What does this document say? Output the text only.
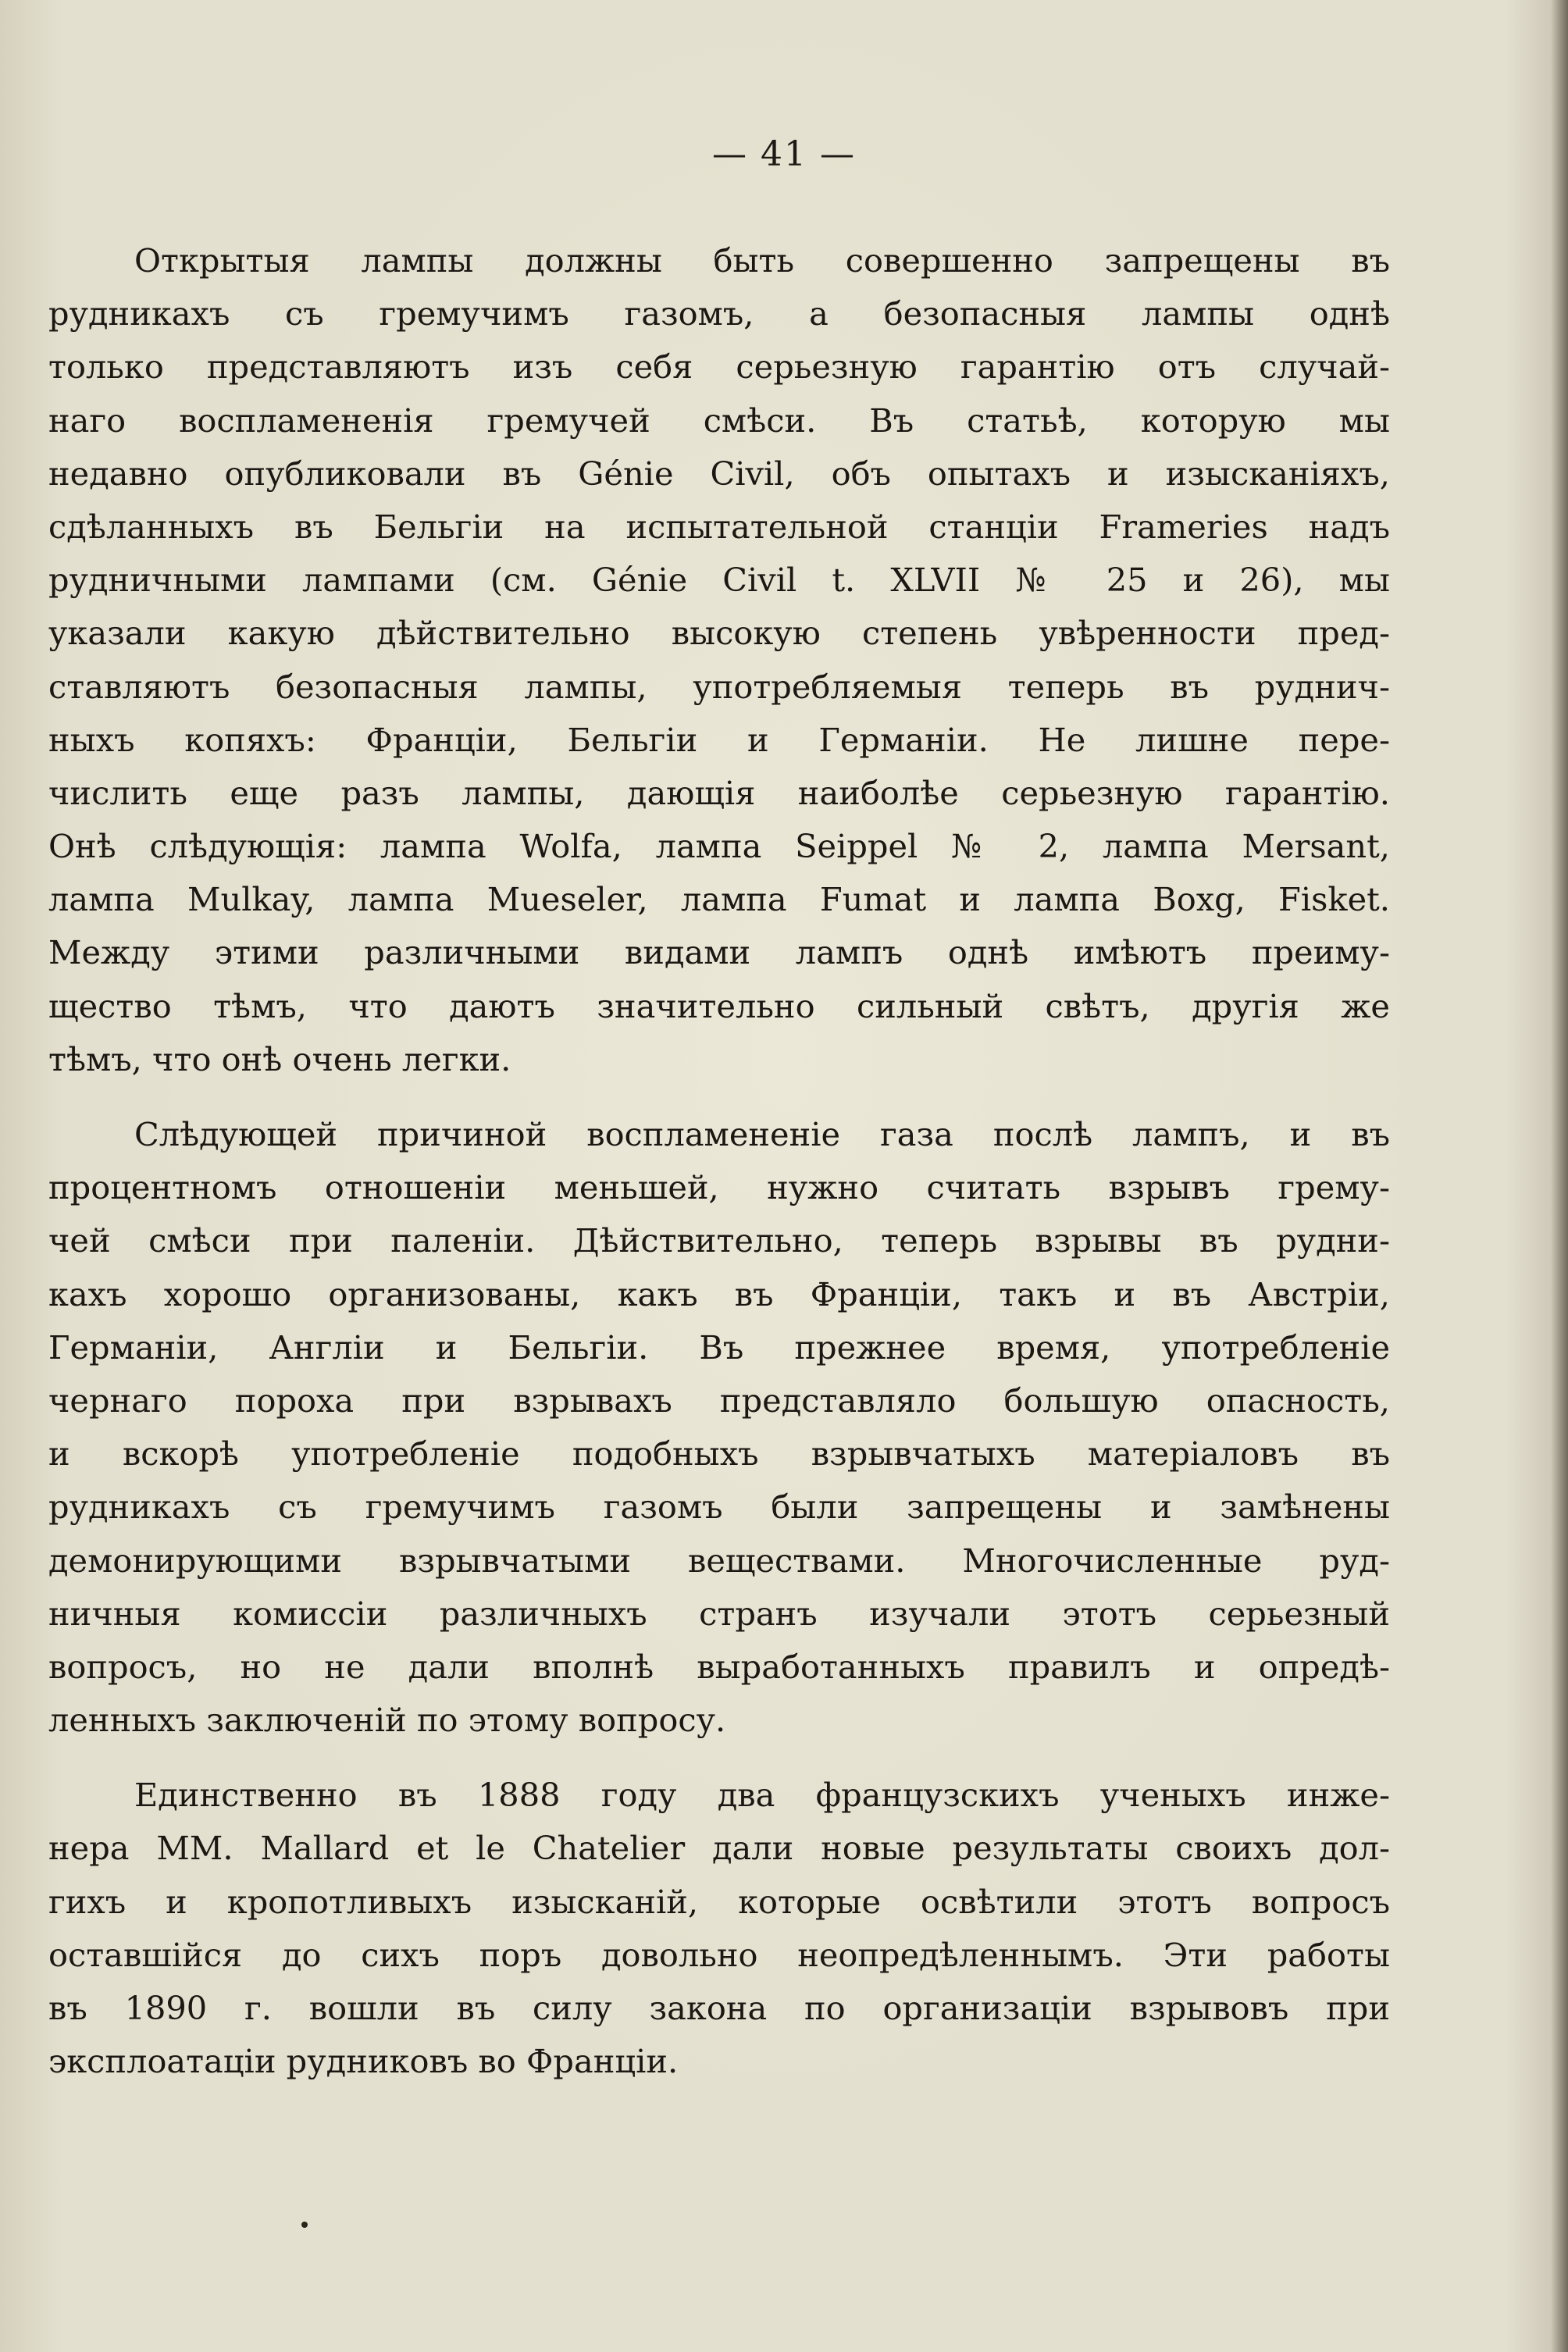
— 41 —
Открытыя лампы должны быть совершенно запрещены въ
рудникахъ съ гремучимъ газомъ, а безопасныя лампы однѣ
только представляютъ изъ себя серьезную гарантію отъ случай-
наго воспламененія гремучей смѣси. Въ статьѣ, которую мы
недавно опубликовали въ Génie Civil, объ опытахъ и изысканіяхъ,
сдѣланныхъ въ Бельгіи на испытательной станціи Frameries надъ
рудничными лампами (см. Génie Civil t. XLVII № 25 и 26), мы
указали какую дѣйствительно высокую степень увѣренности пред-
ставляютъ безопасныя лампы, употребляемыя теперь въ руднич-
ныхъ копяхъ: Франціи, Бельгіи и Германіи. Не лишне пере-
числить еще разъ лампы, дающія наиболѣе серьезную гарантію.
Онѣ слѣдующія: лампа Wolfa, лампа Seippel № 2, лампа Mersant,
лампа Mulkay, лампа Mueseler, лампа Fumat и лампа Boxg, Fisket.
Между этими различными видами лампъ однѣ имѣютъ преиму-
щество тѣмъ, что даютъ значительно сильный свѣтъ, другія же
тѣмъ, что онѣ очень легки.
Слѣдующей причиной воспламененіе газа послѣ лампъ, и въ
процентномъ отношеніи меньшей, нужно считать взрывъ грему-
чей смѣси при паленіи. Дѣйствительно, теперь взрывы въ рудни-
кахъ хорошо организованы, какъ въ Франціи, такъ и въ Австріи,
Германіи, Англіи и Бельгіи. Въ прежнее время, употребленіе
чернаго пороха при взрывахъ представляло большую опасность,
и вскорѣ употребленіе подобныхъ взрывчатыхъ матеріаловъ въ
рудникахъ съ гремучимъ газомъ были запрещены и замѣнены
демонирующими взрывчатыми веществами. Многочисленные руд-
ничныя комиссіи различныхъ странъ изучали этотъ серьезный
вопросъ, но не дали вполнѣ выработанныхъ правилъ и опредѣ-
ленныхъ заключеній по этому вопросу.
Единственно въ 1888 году два французскихъ ученыхъ инже-
нера MM. Mallard et le Chatelier дали новые результаты своихъ дол-
гихъ и кропотливыхъ изысканій, которые освѣтили этотъ вопросъ
оставшійся до сихъ поръ довольно неопредѣленнымъ. Эти работы
въ 1890 г. вошли въ силу закона по организаціи взрывовъ при
эксплоатаціи рудниковъ во Франціи.
